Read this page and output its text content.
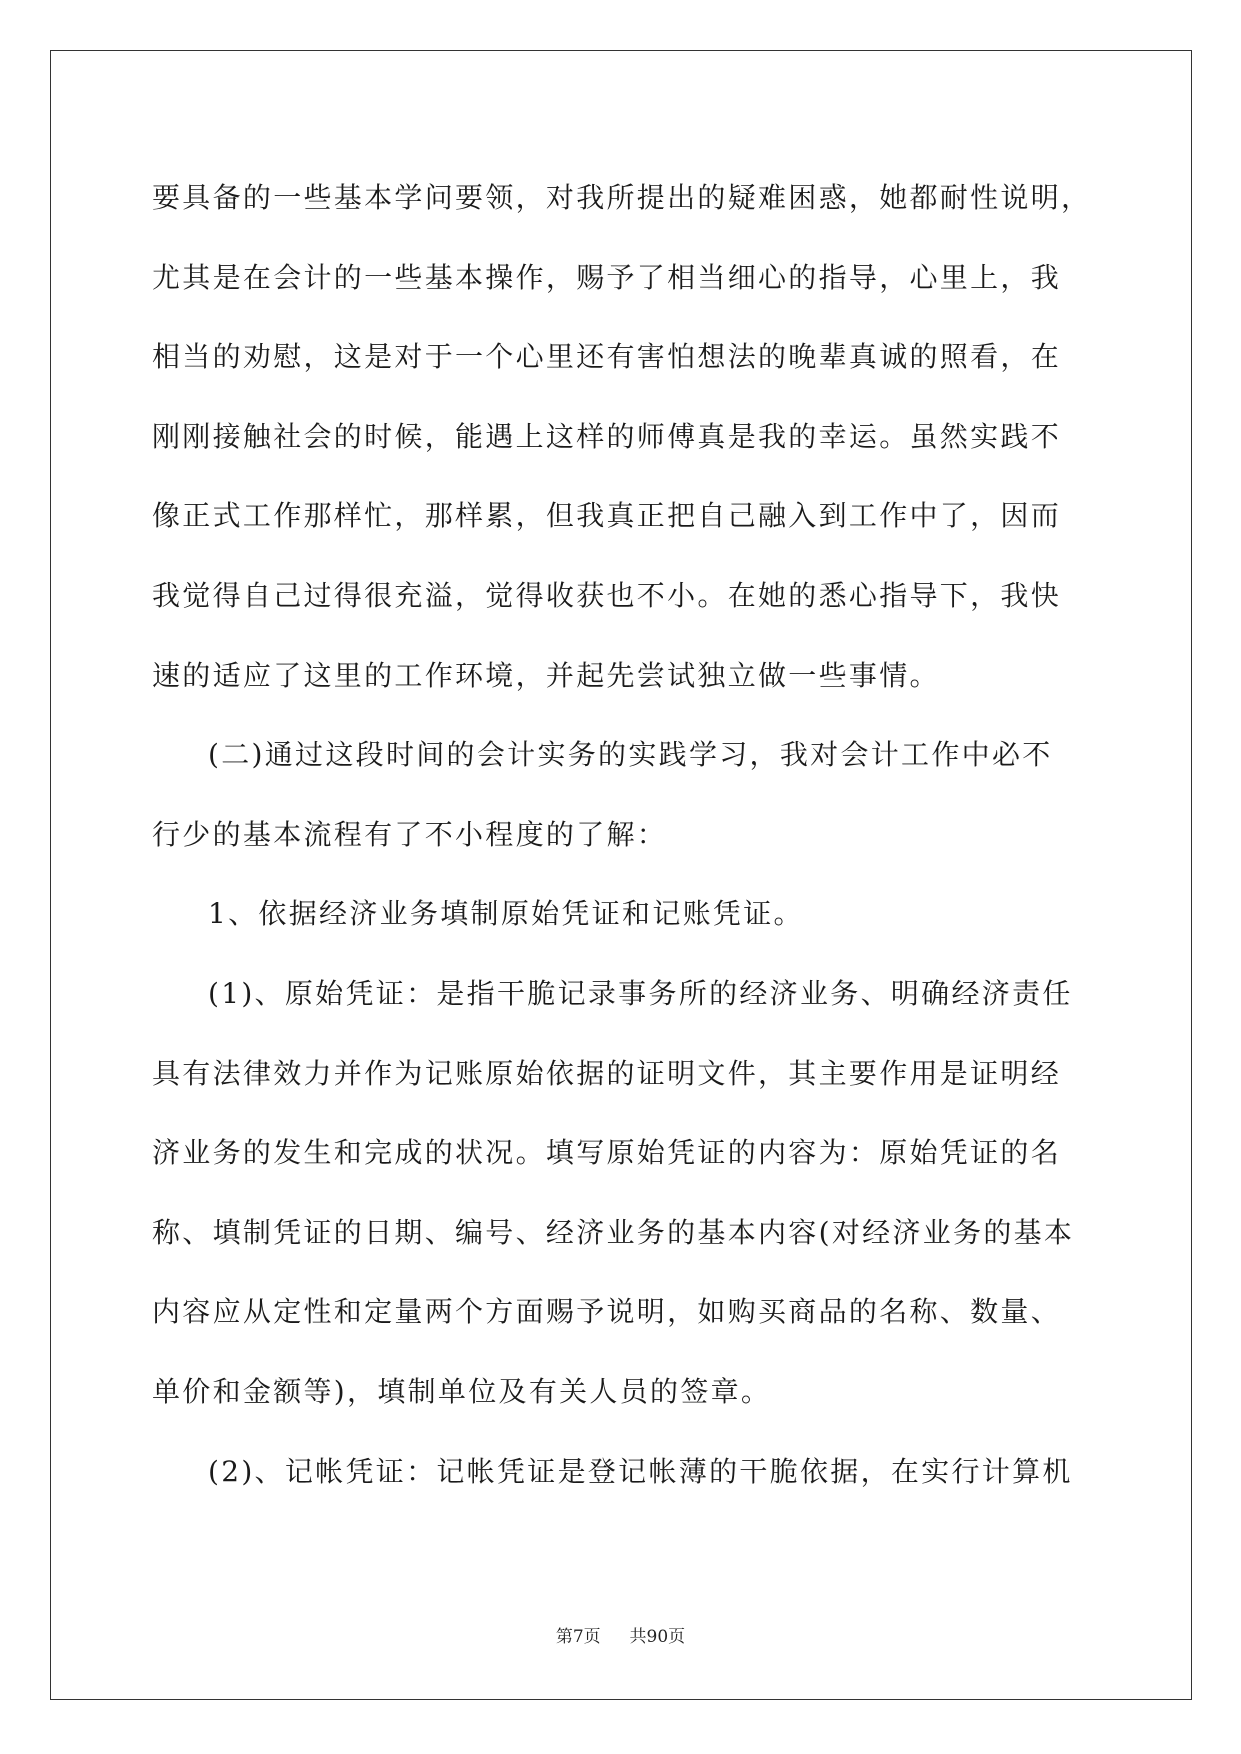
要具备的一些基本学问要领，对我所提出的疑难困惑，她都耐性说明，
尤其是在会计的一些基本操作，赐予了相当细心的指导，心里上，我
相当的劝慰，这是对于一个心里还有害怕想法的晚辈真诚的照看，在
刚刚接触社会的时候，能遇上这样的师傅真是我的幸运。虽然实践不
像正式工作那样忙，那样累，但我真正把自己融入到工作中了，因而
我觉得自己过得很充溢，觉得收获也不小。在她的悉心指导下，我快
速的适应了这里的工作环境，并起先尝试独立做一些事情。
(二)通过这段时间的会计实务的实践学习，我对会计工作中必不
行少的基本流程有了不小程度的了解：
1、依据经济业务填制原始凭证和记账凭证。
(1)、原始凭证：是指干脆记录事务所的经济业务、明确经济责任
具有法律效力并作为记账原始依据的证明文件，其主要作用是证明经
济业务的发生和完成的状况。填写原始凭证的内容为：原始凭证的名
称、填制凭证的日期、编号、经济业务的基本内容(对经济业务的基本
内容应从定性和定量两个方面赐予说明，如购买商品的名称、数量、
单价和金额等)，填制单位及有关人员的签章。
(2)、记帐凭证：记帐凭证是登记帐薄的干脆依据，在实行计算机
第7页 共90页
